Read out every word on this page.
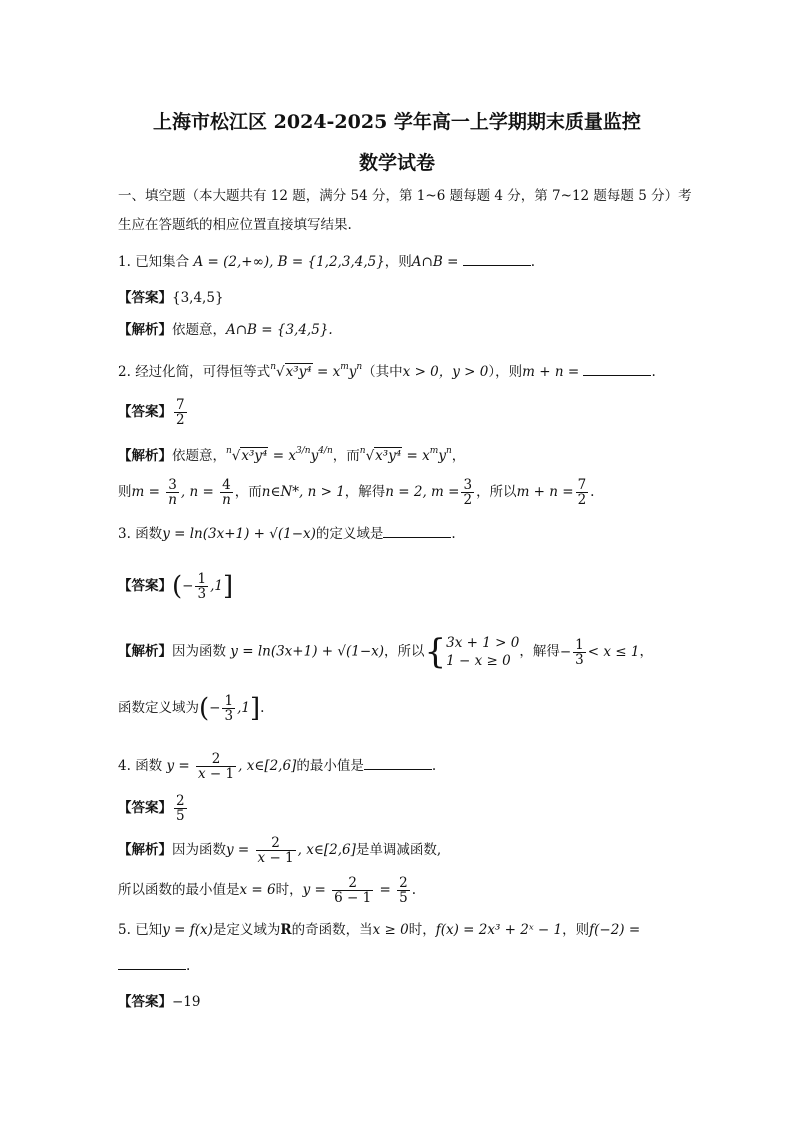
上海市松江区 2024-2025 学年高一上学期期末质量监控
数学试卷
一、填空题（本大题共有 12 题，满分 54 分，第 1~6 题每题 4 分，第 7~12 题每题 5 分）考
生应在答题纸的相应位置直接填写结果.
1. 已知集合 A = (2,+∞), B = {1,2,3,4,5}，则A∩B =	.
【答案】{3,4,5}
【解析】依题意，A∩B = {3,4,5}.
2. 经过化简，可得恒等式$^n√x^3y^4 = x^my^n$（其中x > 0，y > 0），则m + n =	.
【答案】 $\frac{7}{2}$
【解析】依题意，$^n√x^3y^4 = x^{3/n}y^{4/n}$，而$^n√x^3y^4 = x^my^n$，
则$m = \frac{3}{n}$ , $n = \frac{4}{n}$ ，而n∈N*, n > 1，解得n = 2, $m = \frac{3}{2}$ ，所以$m + n = \frac{7}{2}$ .
3. 函数y = ln(3x+1) + √(1−x)的定义域是	.
【答案】(− $\frac{1}{3} ,1$]
【解析】因为函数 y = ln(3x+1) + √(1−x)，所以{ 3x + 1 > 0
1 − x ≥ 0
，解得− $\frac{1}{3} < x \le 1$，
函数定义域为(− $\frac{1}{3} ,1$].
4. 函数 $y = \frac{2}{x - 1}$ , x∈[2,6]的最小值是	.
【答案】 $\frac{2}{5}$
【解析】因为函数$y = \frac{2}{x - 1}$ , x∈[2,6]是单调减函数,
所以函数的最小值是x = 6时，$y = \frac{2}{6 - 1} = \frac{2}{5}$ .
5. 已知y = f(x)是定义域为R的奇函数，当x ≥ 0时，f(x) = 2x³ + 2ˣ − 1，则f(−2) =
.
【答案】−19
